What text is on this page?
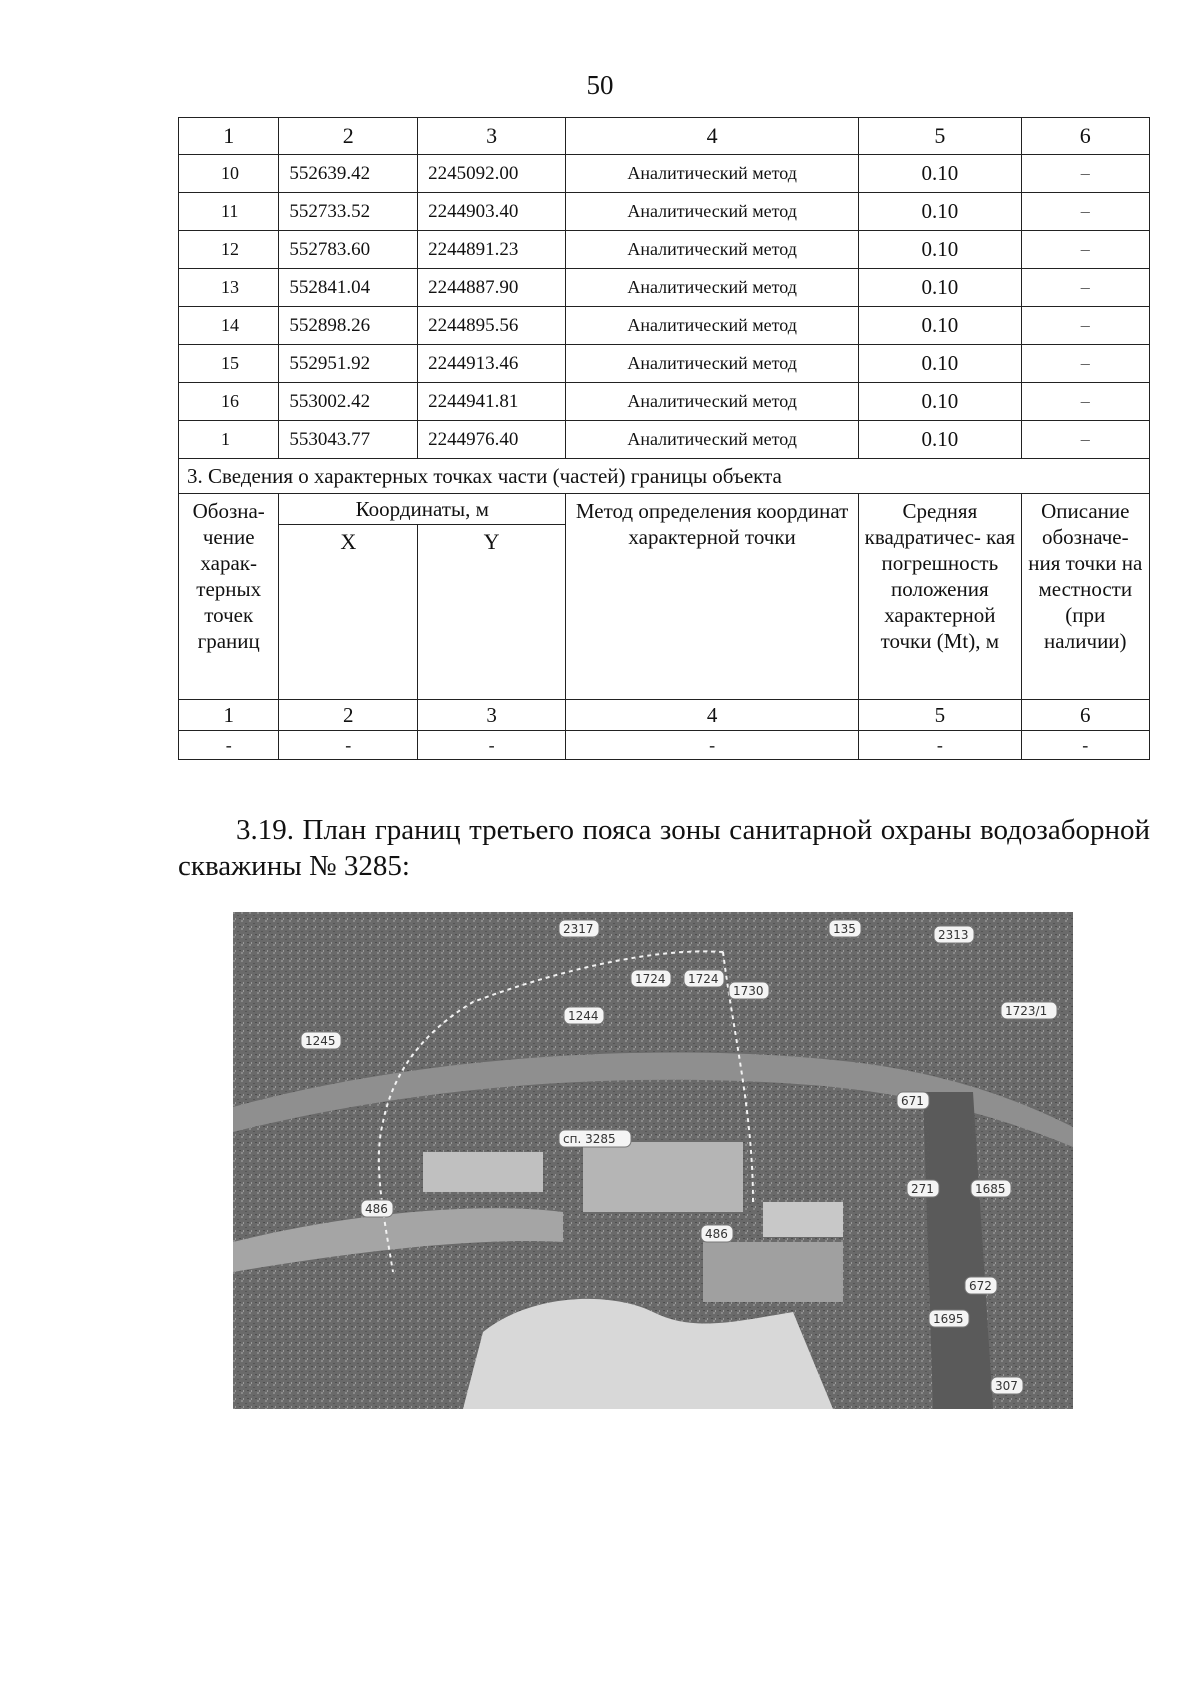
50
1	2	3	4	5	6
10	552639.42	2245092.00	Аналитический метод	0.10	–
11	552733.52	2244903.40	Аналитический метод	0.10	–
12	552783.60	2244891.23	Аналитический метод	0.10	–
13	552841.04	2244887.90	Аналитический метод	0.10	–
14	552898.26	2244895.56	Аналитический метод	0.10	–
15	552951.92	2244913.46	Аналитический метод	0.10	–
16	553002.42	2244941.81	Аналитический метод	0.10	–
1	553043.77	2244976.40	Аналитический метод	0.10	–
3. Сведения о характерных точках части (частей) границы объекта					
Обозна- чение харак- терных точек границ	Координаты, м		Метод определения координат характерной точки	Средняя квадратичес- кая погрешность положения характерной точки (Mt), м	Описание обозначе- ния точки на местности (при наличии)
	X	Y			
1	2	3	4	5	6
-	-	-	-	-	-
3.19. План границ третьего пояса зоны санитарной охраны водозаборной скважины № 3285:
2317	135	2313
1724 1724
1730
1244
1245
1723/1
671
271	1685
486
486
672
1695
307
сп. 3285
